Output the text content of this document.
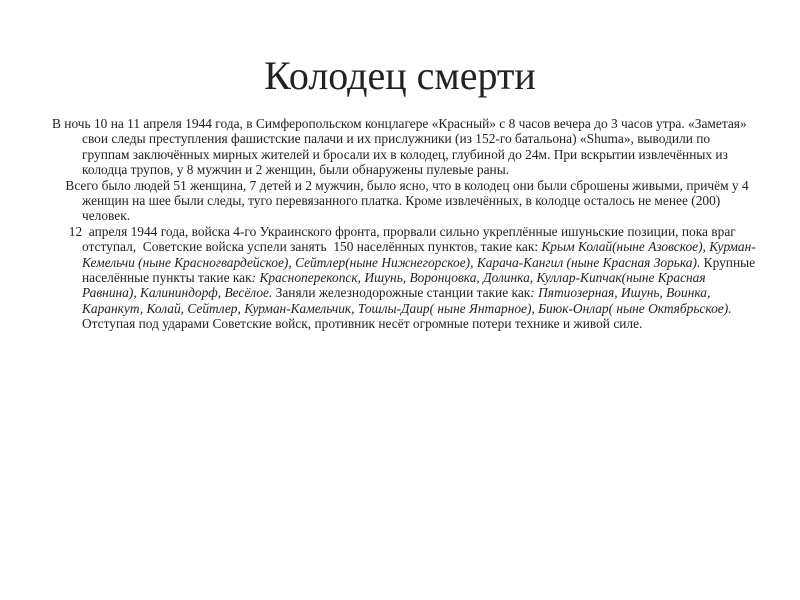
Колодец смерти

В ночь 10 на 11 апреля 1944 года, в Симферопольском концлагере «Красный» с 8 часов вечера до 3 часов утра. «Заметая» свои следы преступления фашистские палачи и их прислужники (из 152-го батальона) «Shuma», выводили по группам заключённых мирных жителей и бросали их в колодец, глубиной до 24м. При вскрытии извлечённых из колодца трупов, у 8 мужчин и 2 женщин, были обнаружены пулевые раны.

Всего было людей 51 женщина, 7 детей и 2 мужчин, было ясно, что в колодец они были сброшены живыми, причём у 4 женщин на шее были следы, туго перевязанного платка. Кроме извлечённых, в колодце осталось не менее (200) человек.

12  апреля 1944 года, войска 4-го Украинского фронта, прорвали сильно укреплённые ишуньские позиции, пока враг отступал,  Советские войска успели занять  150 населённых пунктов, такие как: Крым Колай(ныне Азовское), Курман-Кемельчи (ныне Красногвардейское), Сейтлер(ныне Нижнегорское), Карача-Кангил (ныне Красная Зорька). Крупные населённые пункты такие как: Красноперекопск, Ишунь, Воронцовка, Долинка, Куллар-Кипчак(ныне Красная Равнина), Калининдорф, Весёлое. Заняли железнодорожные станции такие как: Пятиозерная, Ишунь, Воинка, Каранкут, Колай, Сейтлер, Курман-Камельчик, Тошлы-Даир( ныне Янтарное), Биюк-Онлар( ныне Октябрьское). Отступая под ударами Советские войск, противник несёт огромные потери технике и живой силе.
